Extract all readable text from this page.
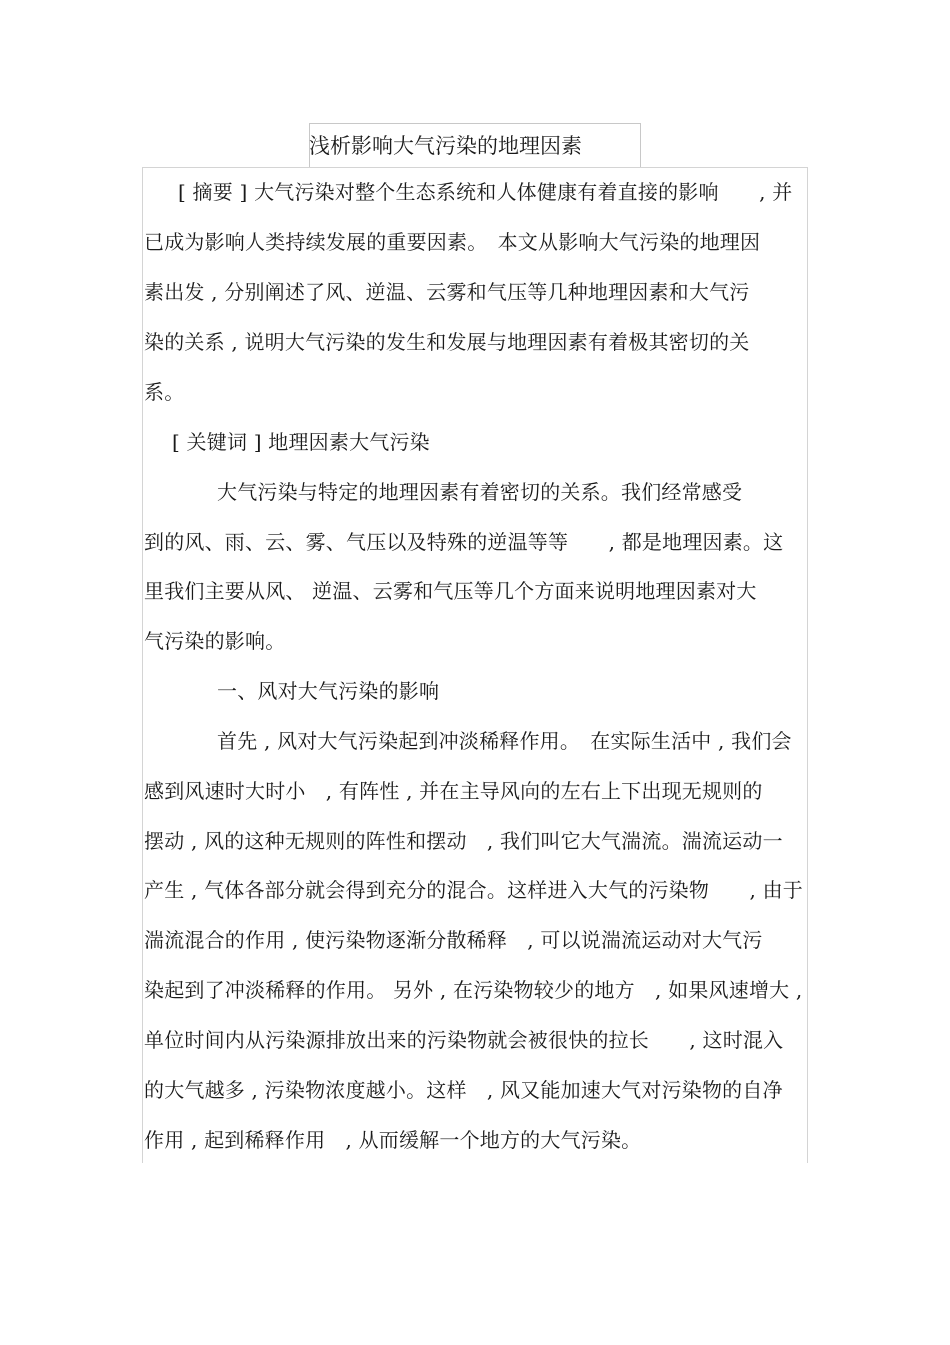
浅析影响大气污染的地理因素
[ 摘要 ] 大气污染对整个生态系统和人体健康有着直接的影响　　, 并
已成为影响人类持续发展的重要因素。　本文从影响大气污染的地理因
素出发 , 分别阐述了风、逆温、云雾和气压等几种地理因素和大气污
染的关系 , 说明大气污染的发生和发展与地理因素有着极其密切的关
系。
[ 关键词 ] 地理因素大气污染
大气污染与特定的地理因素有着密切的关系。我们经常感受
到的风、雨、云、雾、气压以及特殊的逆温等等　　, 都是地理因素。这
里我们主要从风、 逆温、云雾和气压等几个方面来说明地理因素对大
气污染的影响。
一、风对大气污染的影响
首先 , 风对大气污染起到冲淡稀释作用。　在实际生活中 , 我们会
感到风速时大时小　, 有阵性 , 并在主导风向的左右上下出现无规则的
摆动 , 风的这种无规则的阵性和摆动　, 我们叫它大气湍流。湍流运动一
产生 , 气体各部分就会得到充分的混合。这样进入大气的污染物　　, 由于
湍流混合的作用 , 使污染物逐渐分散稀释　, 可以说湍流运动对大气污
染起到了冲淡稀释的作用。 另外 , 在污染物较少的地方　, 如果风速增大 ,
单位时间内从污染源排放出来的污染物就会被很快的拉长　　, 这时混入
的大气越多 , 污染物浓度越小。这样　, 风又能加速大气对污染物的自净
作用 , 起到稀释作用　, 从而缓解一个地方的大气污染。
